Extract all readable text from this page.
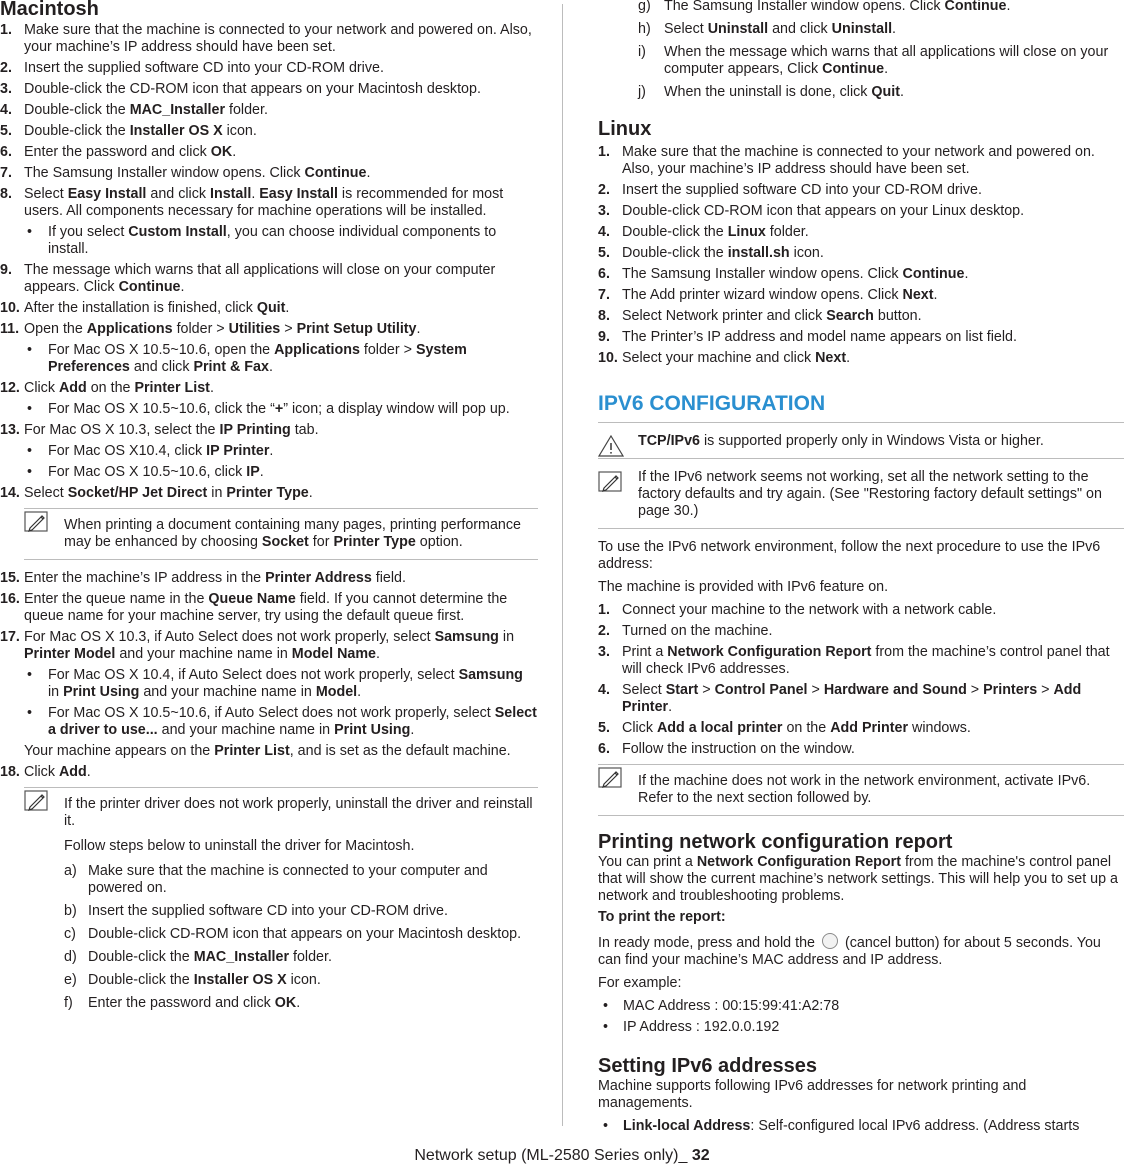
Macintosh
1. Make sure that the machine is connected to your network and powered on. Also, your machine’s IP address should have been set.
2. Insert the supplied software CD into your CD-ROM drive.
3. Double-click the CD-ROM icon that appears on your Macintosh desktop.
4. Double-click the MAC_Installer folder.
5. Double-click the Installer OS X icon.
6. Enter the password and click OK.
7. The Samsung Installer window opens. Click Continue.
8. Select Easy Install and click Install. Easy Install is recommended for most users. All components necessary for machine operations will be installed.
• If you select Custom Install, you can choose individual components to install.
9. The message which warns that all applications will close on your computer appears. Click Continue.
10. After the installation is finished, click Quit.
11. Open the Applications folder > Utilities > Print Setup Utility.
• For Mac OS X 10.5~10.6, open the Applications folder > System Preferences and click Print & Fax.
12. Click Add on the Printer List.
• For Mac OS X 10.5~10.6, click the “+” icon; a display window will pop up.
13. For Mac OS X 10.3, select the IP Printing tab.
• For Mac OS X10.4, click IP Printer.
• For Mac OS X 10.5~10.6, click IP.
14. Select Socket/HP Jet Direct in Printer Type.
When printing a document containing many pages, printing performance may be enhanced by choosing Socket for Printer Type option.
15. Enter the machine’s IP address in the Printer Address field.
16. Enter the queue name in the Queue Name field. If you cannot determine the queue name for your machine server, try using the default queue first.
17. For Mac OS X 10.3, if Auto Select does not work properly, select Samsung in Printer Model and your machine name in Model Name.
• For Mac OS X 10.4, if Auto Select does not work properly, select Samsung in Print Using and your machine name in Model.
• For Mac OS X 10.5~10.6, if Auto Select does not work properly, select Select a driver to use... and your machine name in Print Using.
Your machine appears on the Printer List, and is set as the default machine.
18. Click Add.
If the printer driver does not work properly, uninstall the driver and reinstall it.
Follow steps below to uninstall the driver for Macintosh.
a) Make sure that the machine is connected to your computer and powered on.
b) Insert the supplied software CD into your CD-ROM drive.
c) Double-click CD-ROM icon that appears on your Macintosh desktop.
d) Double-click the MAC_Installer folder.
e) Double-click the Installer OS X icon.
f) Enter the password and click OK.
g) The Samsung Installer window opens. Click Continue.
h) Select Uninstall and click Uninstall.
i) When the message which warns that all applications will close on your computer appears, Click Continue.
j) When the uninstall is done, click Quit.
Linux
1. Make sure that the machine is connected to your network and powered on. Also, your machine’s IP address should have been set.
2. Insert the supplied software CD into your CD-ROM drive.
3. Double-click CD-ROM icon that appears on your Linux desktop.
4. Double-click the Linux folder.
5. Double-click the install.sh icon.
6. The Samsung Installer window opens. Click Continue.
7. The Add printer wizard window opens. Click Next.
8. Select Network printer and click Search button.
9. The Printer’s IP address and model name appears on list field.
10. Select your machine and click Next.
IPV6 CONFIGURATION
TCP/IPv6 is supported properly only in Windows Vista or higher.
If the IPv6 network seems not working, set all the network setting to the factory defaults and try again. (See "Restoring factory default settings" on page 30.)
To use the IPv6 network environment, follow the next procedure to use the IPv6 address:
The machine is provided with IPv6 feature on.
1. Connect your machine to the network with a network cable.
2. Turned on the machine.
3. Print a Network Configuration Report from the machine’s control panel that will check IPv6 addresses.
4. Select Start > Control Panel > Hardware and Sound > Printers > Add Printer.
5. Click Add a local printer on the Add Printer windows.
6. Follow the instruction on the window.
If the machine does not work in the network environment, activate IPv6. Refer to the next section followed by.
Printing network configuration report
You can print a Network Configuration Report from the machine's control panel that will show the current machine’s network settings. This will help you to set up a network and troubleshooting problems.
To print the report:
In ready mode, press and hold the (cancel button) for about 5 seconds. You can find your machine’s MAC address and IP address.
For example:
• MAC Address : 00:15:99:41:A2:78
• IP Address : 192.0.0.192
Setting IPv6 addresses
Machine supports following IPv6 addresses for network printing and managements.
• Link-local Address: Self-configured local IPv6 address. (Address starts
Network setup (ML-2580 Series only)_ 32
